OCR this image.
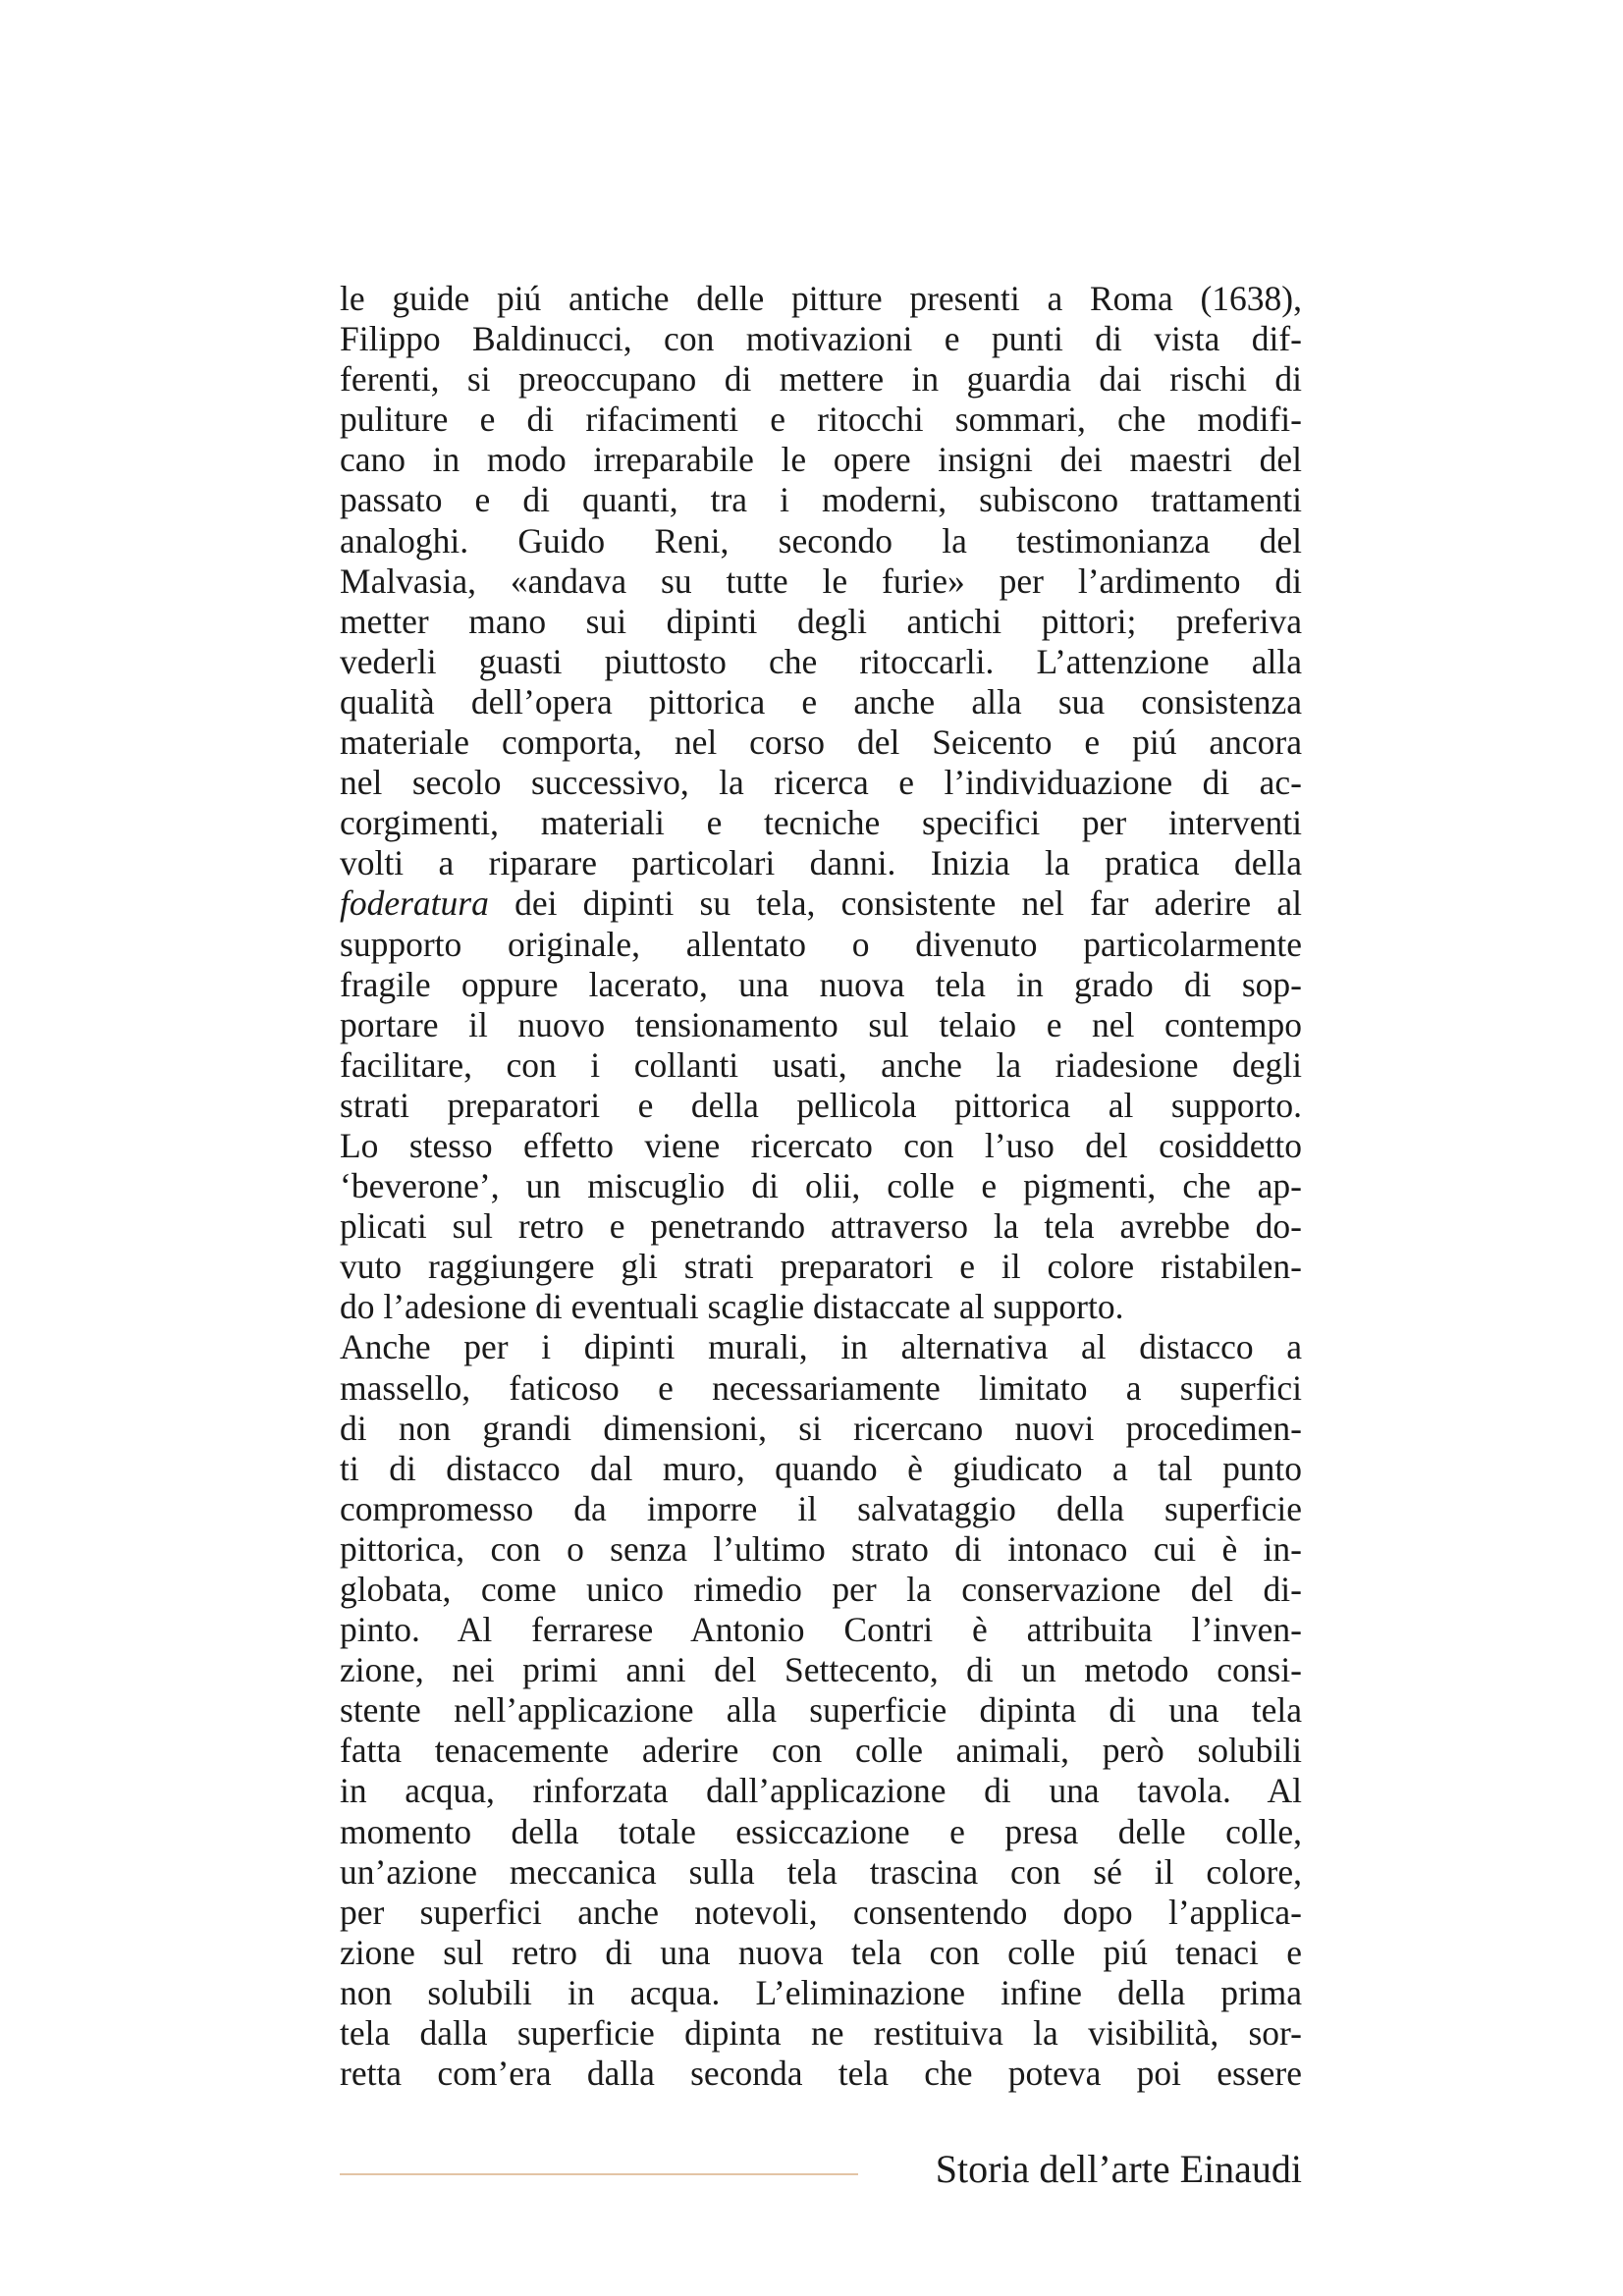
le guide piú antiche delle pitture presenti a Roma (1638),
Filippo Baldinucci, con motivazioni e punti di vista dif-
ferenti, si preoccupano di mettere in guardia dai rischi di
puliture e di rifacimenti e ritocchi sommari, che modifi-
cano in modo irreparabile le opere insigni dei maestri del
passato e di quanti, tra i moderni, subiscono trattamenti
analoghi. Guido Reni, secondo la testimonianza del
Malvasia, «andava su tutte le furie» per l’ardimento di
metter mano sui dipinti degli antichi pittori; preferiva
vederli guasti piuttosto che ritoccarli. L’attenzione alla
qualità dell’opera pittorica e anche alla sua consistenza
materiale comporta, nel corso del Seicento e piú ancora
nel secolo successivo, la ricerca e l’individuazione di ac-
corgimenti, materiali e tecniche specifici per interventi
volti a riparare particolari danni. Inizia la pratica della
foderatura dei dipinti su tela, consistente nel far aderire al
supporto originale, allentato o divenuto particolarmente
fragile oppure lacerato, una nuova tela in grado di sop-
portare il nuovo tensionamento sul telaio e nel contempo
facilitare, con i collanti usati, anche la riadesione degli
strati preparatori e della pellicola pittorica al supporto.
Lo stesso effetto viene ricercato con l’uso del cosiddetto
‘beverone’, un miscuglio di olii, colle e pigmenti, che ap-
plicati sul retro e penetrando attraverso la tela avrebbe do-
vuto raggiungere gli strati preparatori e il colore ristabilen-
do l’adesione di eventuali scaglie distaccate al supporto.
Anche per i dipinti murali, in alternativa al distacco a
massello, faticoso e necessariamente limitato a superfici
di non grandi dimensioni, si ricercano nuovi procedimen-
ti di distacco dal muro, quando è giudicato a tal punto
compromesso da imporre il salvataggio della superficie
pittorica, con o senza l’ultimo strato di intonaco cui è in-
globata, come unico rimedio per la conservazione del di-
pinto. Al ferrarese Antonio Contri è attribuita l’inven-
zione, nei primi anni del Settecento, di un metodo consi-
stente nell’applicazione alla superficie dipinta di una tela
fatta tenacemente aderire con colle animali, però solubili
in acqua, rinforzata dall’applicazione di una tavola. Al
momento della totale essiccazione e presa delle colle,
un’azione meccanica sulla tela trascina con sé il colore,
per superfici anche notevoli, consentendo dopo l’applica-
zione sul retro di una nuova tela con colle piú tenaci e
non solubili in acqua. L’eliminazione infine della prima
tela dalla superficie dipinta ne restituiva la visibilità, sor-
retta com’era dalla seconda tela che poteva poi essere
Storia dell’arte Einaudi
